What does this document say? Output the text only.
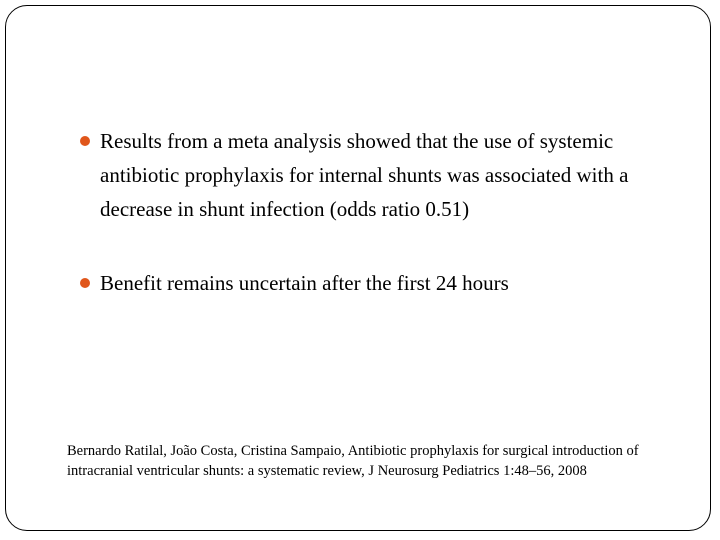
Results from a meta analysis showed that the use of systemic antibiotic prophylaxis for internal shunts was associated with a decrease in shunt infection (odds ratio 0.51)
Benefit remains uncertain after the first 24 hours

Bernardo Ratilal, João Costa, Cristina Sampaio, Antibiotic prophylaxis for surgical introduction of intracranial ventricular shunts: a systematic review, J Neurosurg Pediatrics 1:48–56, 2008
